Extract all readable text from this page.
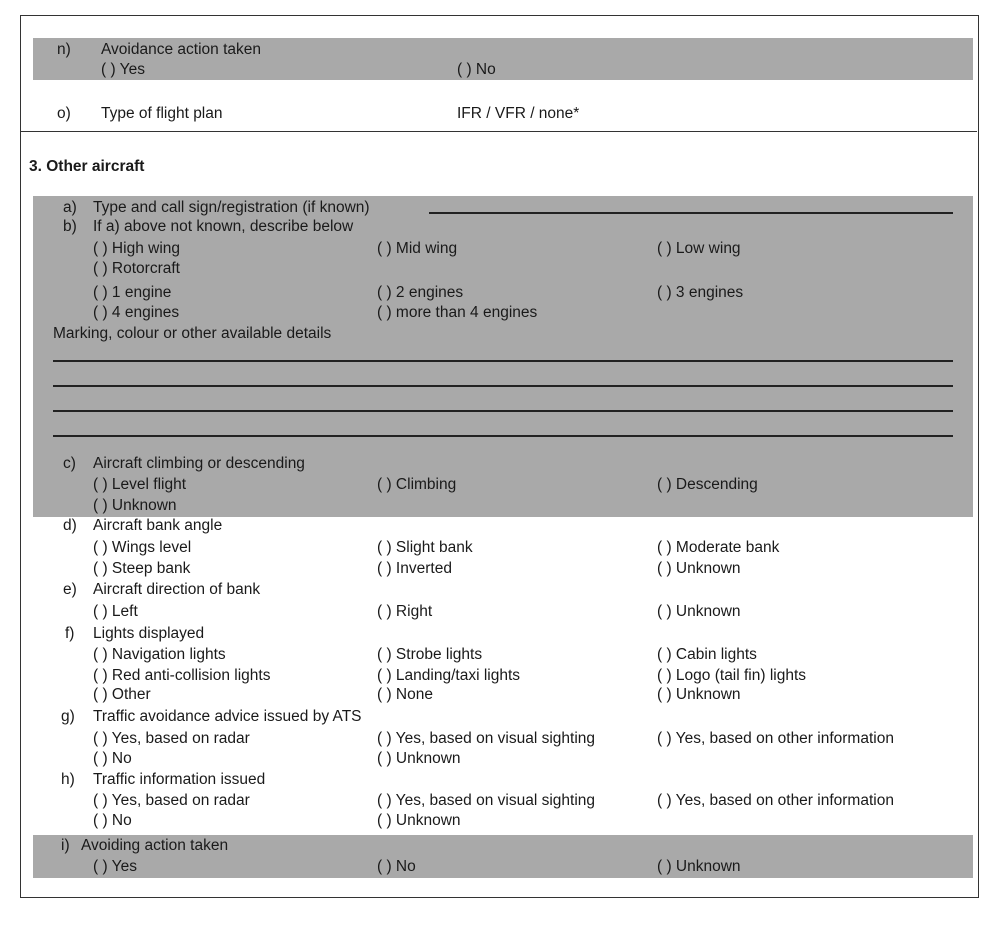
n) Avoidance action taken
( ) Yes	( ) No
o) Type of flight plan	IFR / VFR / none*
3. Other aircraft
a) Type and call sign/registration (if known)
b) If a) above not known, describe below
( ) High wing	( ) Mid wing	( ) Low wing
( ) Rotorcraft
( ) 1 engine	( ) 2 engines	( ) 3 engines
( ) 4 engines	( ) more than 4 engines
Marking, colour or other available details
c) Aircraft climbing or descending
( ) Level flight	( ) Climbing	( ) Descending
( ) Unknown
d) Aircraft bank angle
( ) Wings level	( ) Slight bank	( ) Moderate bank
( ) Steep bank	( ) Inverted	( ) Unknown
e) Aircraft direction of bank
( ) Left	( ) Right	( ) Unknown
f) Lights displayed
( ) Navigation lights	( ) Strobe lights	( ) Cabin lights
( ) Red anti-collision lights	( ) Landing/taxi lights	( ) Logo (tail fin) lights
( ) Other	( ) None	( ) Unknown
g) Traffic avoidance advice issued by ATS
( ) Yes, based on radar	( ) Yes, based on visual sighting	( ) Yes, based on other information
( ) No	( ) Unknown
h) Traffic information issued
( ) Yes, based on radar	( ) Yes, based on visual sighting	( ) Yes, based on other information
( ) No	( ) Unknown
i) Avoiding action taken
( ) Yes	( ) No	( ) Unknown
